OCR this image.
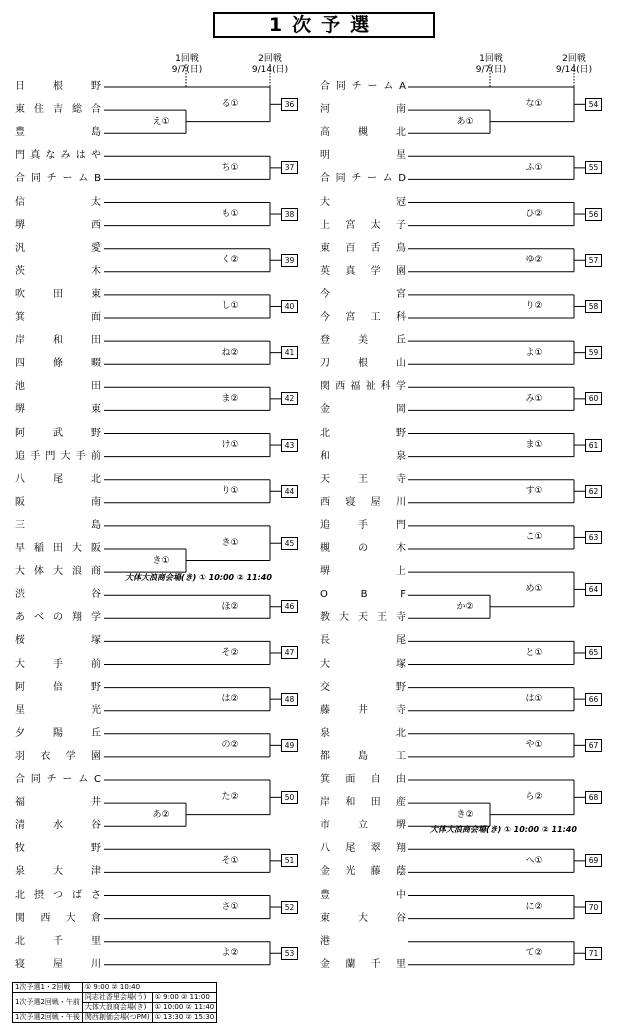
1次予選
1回戦
9/7(日)
2回戦
9/14(日)
1回戦
9/7(日)
2回戦
9/14(日)
日	根	野
東 住 吉 総 合
豊	島
門 真 な み は や
合 同 チ ー ム B
信	太
堺	西
汎	愛
茨	木
吹	田	東
箕	面
岸	和	田
四	條	畷
池	田
堺	東
阿	武	野
追 手 門 大 手 前
八	尾	北
阪	南
三	島
早 稲 田 大 阪
大 体 大 浪 商
渋	谷
あ べ の 翔 学
桜	塚
大	手	前
阿	倍	野
星	光
夕	陽	丘
羽 衣 学 園
合 同 チ ー ム C
福	井
清	水	谷
牧	野
泉	大	津
北 摂 つ ば さ
関 西 大 倉
北	千	里
寝	屋	川
え①
る①	36
ち①	37
も①	38
く②	39
し①	40
ね②	41
ま②	42
け①	43
り①	44
き①
き①	45
ほ②	46
そ②	47
は②	48
の②	49
あ②
た②	50
そ①	51
さ①	52
よ②	53
合 同 チ ー ム A
河	南
高	槻	北
明	星
合 同 チ ー ム D
大	冠
上 宮 太 子
東 百 舌 鳥
英 真 学 園
今	宮
今 宮 工 科
登	美	丘
刀	根	山
関 西 福 祉 科 学
金	岡
北	野
和	泉
天	王	寺
西 寝 屋 川
追	手	門
槻	の	木
堺	上
O	B	F
教 大 天 王 寺
長	尾
大	塚
交	野
藤	井	寺
泉	北
都	島	工
箕 面 自 由
岸 和 田 産
市	立	堺
八 尾 翠 翔
金 光 藤 蔭
豊	中
東	大	谷
港
金 蘭 千 里
あ①
な①	54
ふ①	55
ひ②	56
ゆ②	57
り②	58
よ①	59
み①	60
ま①	61
す①	62
こ①	63
か②
め①	64
と①	65
は①	66
や①	67
き②
ら②	68
へ①	69
に②	70
て②	71
大体大浪商会場(き) ① 10:00 ② 11:40
大体大浪商会場(き) ① 10:00 ② 11:40
1次予選1・2回戦	① 9:00 ② 10:40	
1次予選2回戦・午前	同志社香里会場(う)	① 9:00 ② 11:00
	大体大浪商会場(き)	① 10:00 ② 11:40
1次予選2回戦・午後	関西創価会場(つPM)	① 13:30 ② 15:30
